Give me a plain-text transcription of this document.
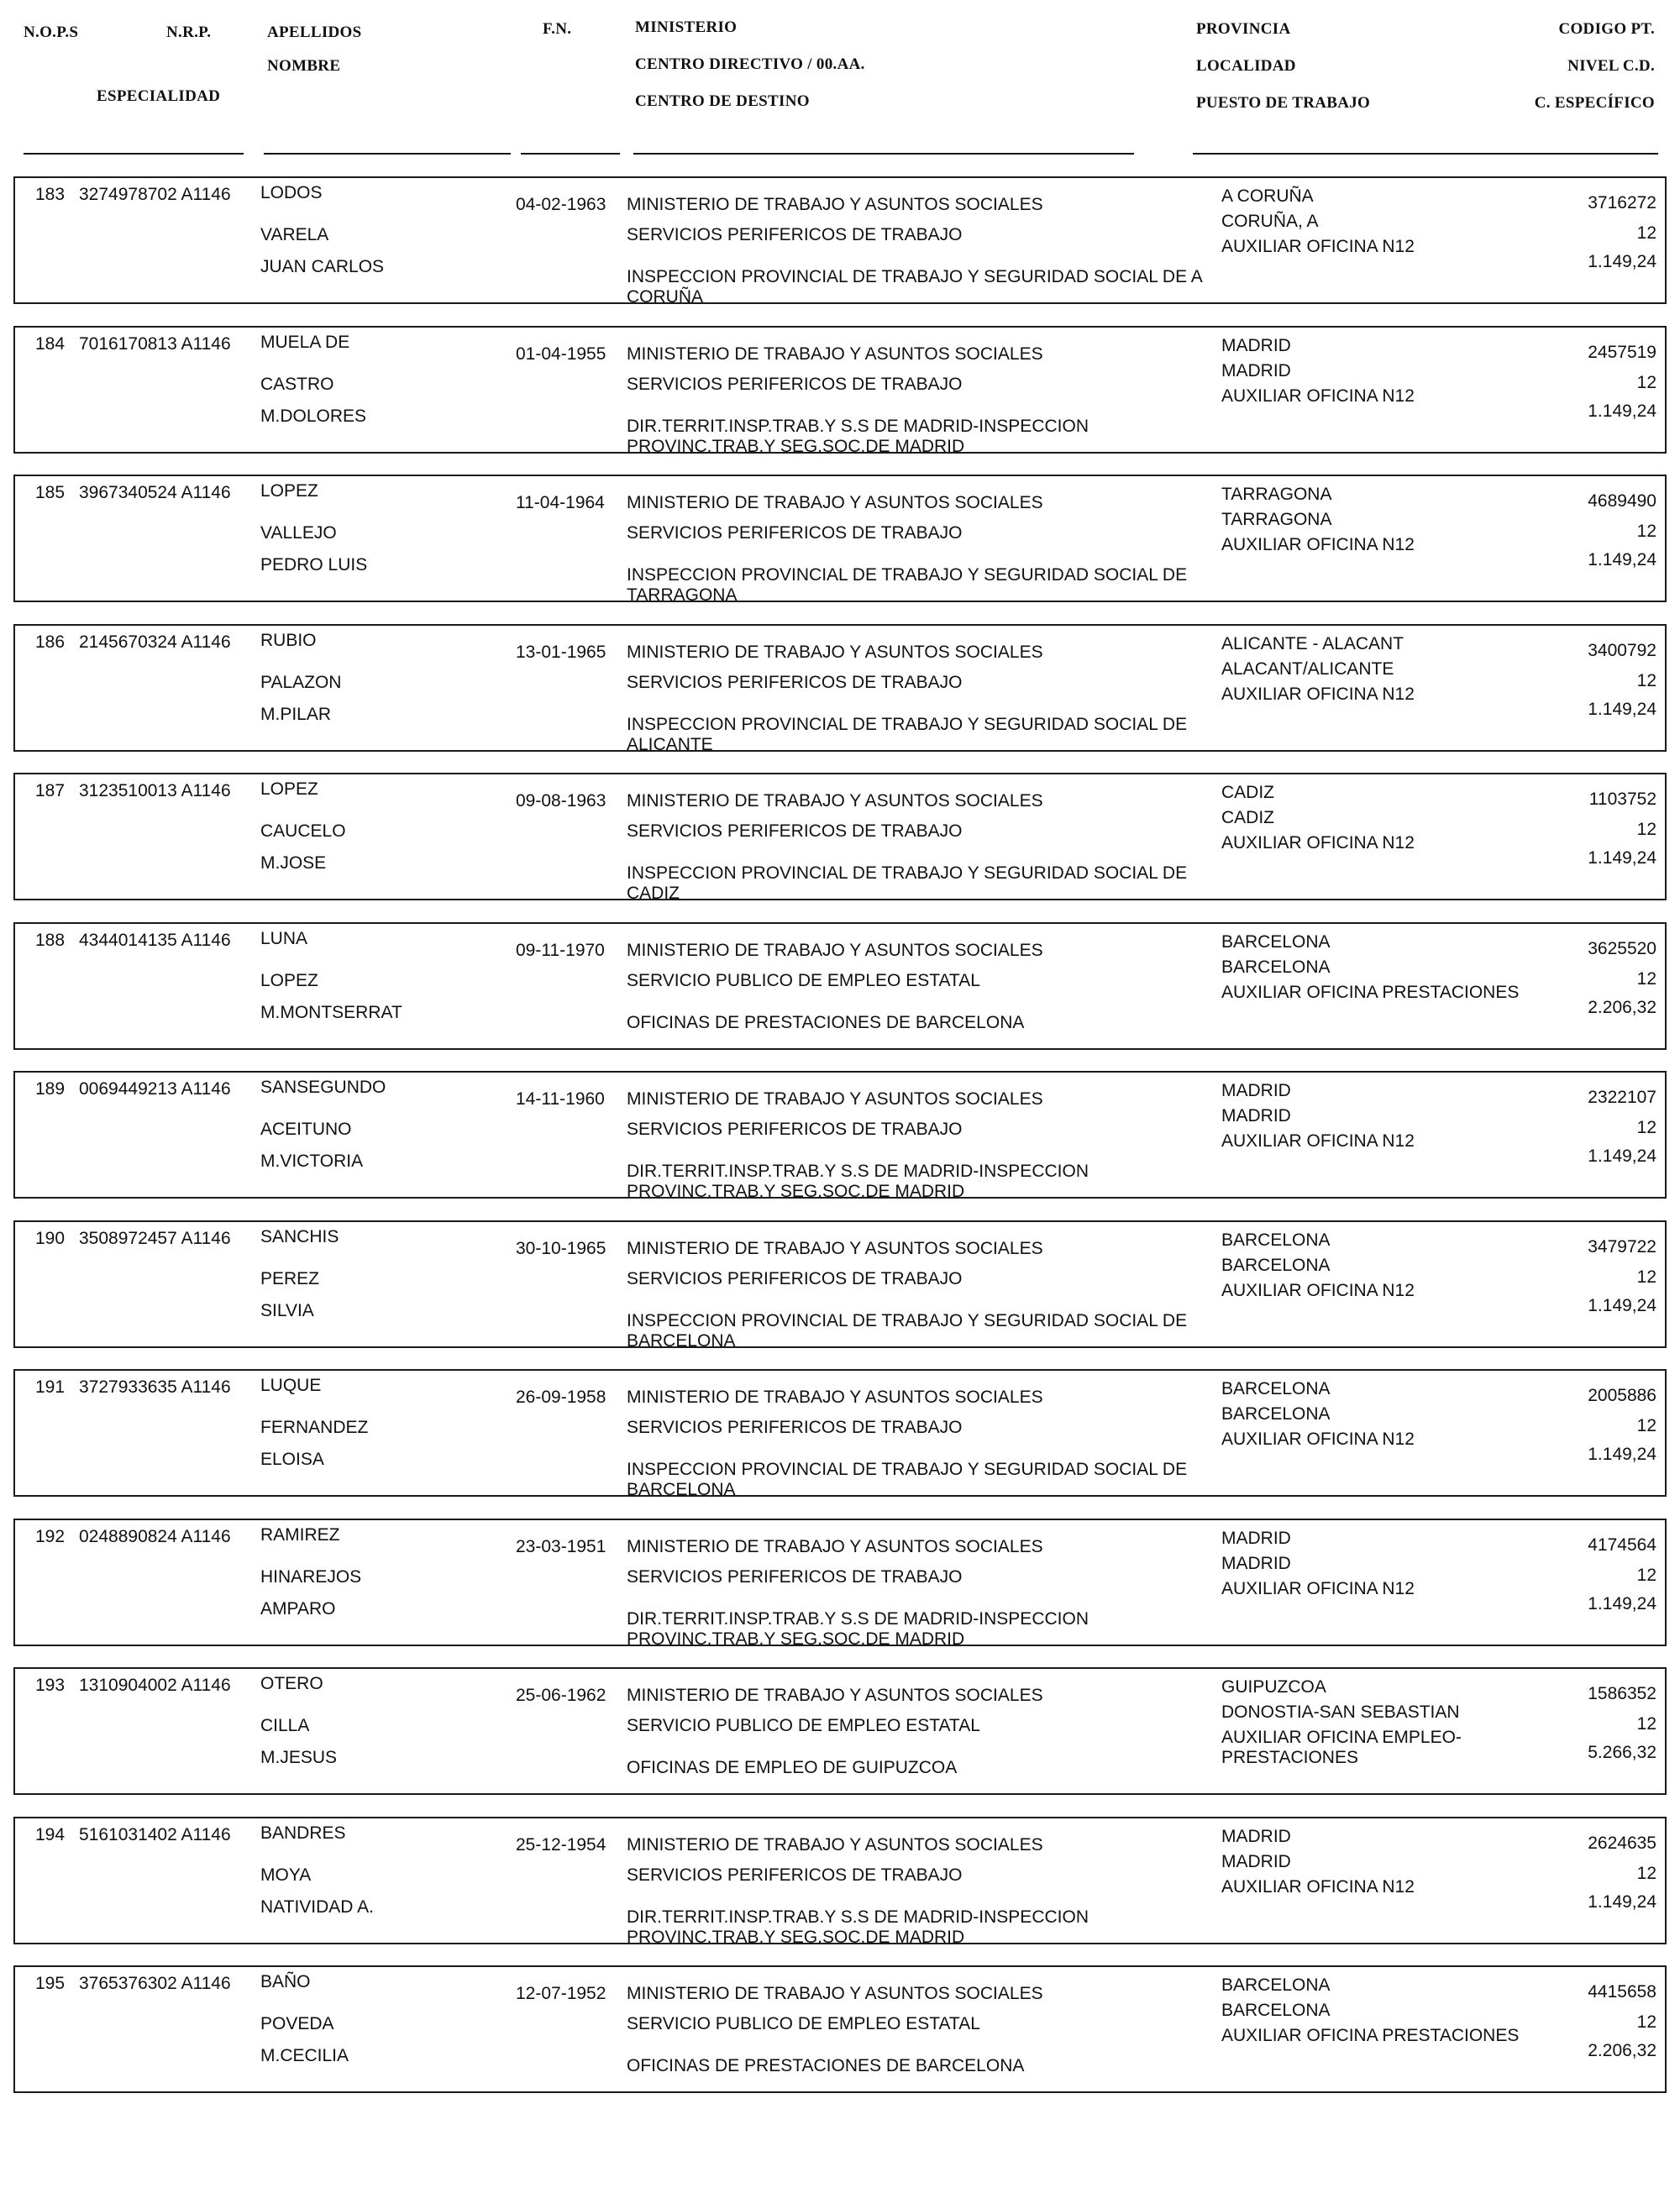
N.O.P.S	N.R.P.
ESPECIALIDAD
APELLIDOS
NOMBRE
F.N.	MINISTERIO
CENTRO DIRECTIVO / 00.AA.
CENTRO DE DESTINO
PROVINCIA
LOCALIDAD
PUESTO DE TRABAJO
CODIGO PT.
NIVEL C.D.
C. ESPECÍFICO
183 3274978702 A1146 LODOS
VARELA
JUAN CARLOS
04-02-1963 MINISTERIO DE TRABAJO Y ASUNTOS SOCIALES
SERVICIOS PERIFERICOS DE TRABAJO
INSPECCION PROVINCIAL DE TRABAJO Y SEGURIDAD SOCIAL DE A CORUÑA
A CORUÑA
CORUÑA, A
AUXILIAR OFICINA N12
3716272
12
1.149,24
184 7016170813 A1146 MUELA DE
CASTRO
M.DOLORES
01-04-1955 MINISTERIO DE TRABAJO Y ASUNTOS SOCIALES
SERVICIOS PERIFERICOS DE TRABAJO
DIR.TERRIT.INSP.TRAB.Y S.S DE MADRID-INSPECCION PROVINC.TRAB.Y SEG.SOC.DE MADRID
MADRID
MADRID
AUXILIAR OFICINA N12
2457519
12
1.149,24
185 3967340524 A1146 LOPEZ
VALLEJO
PEDRO LUIS
11-04-1964 MINISTERIO DE TRABAJO Y ASUNTOS SOCIALES
SERVICIOS PERIFERICOS DE TRABAJO
INSPECCION PROVINCIAL DE TRABAJO Y SEGURIDAD SOCIAL DE TARRAGONA
TARRAGONA
TARRAGONA
AUXILIAR OFICINA N12
4689490
12
1.149,24
186 2145670324 A1146 RUBIO
PALAZON
M.PILAR
13-01-1965 MINISTERIO DE TRABAJO Y ASUNTOS SOCIALES
SERVICIOS PERIFERICOS DE TRABAJO
INSPECCION PROVINCIAL DE TRABAJO Y SEGURIDAD SOCIAL DE ALICANTE
ALICANTE - ALACANT
ALACANT/ALICANTE
AUXILIAR OFICINA N12
3400792
12
1.149,24
187 3123510013 A1146 LOPEZ
CAUCELO
M.JOSE
09-08-1963 MINISTERIO DE TRABAJO Y ASUNTOS SOCIALES
SERVICIOS PERIFERICOS DE TRABAJO
INSPECCION PROVINCIAL DE TRABAJO Y SEGURIDAD SOCIAL DE CADIZ
CADIZ
CADIZ
AUXILIAR OFICINA N12
1103752
12
1.149,24
188 4344014135 A1146 LUNA
LOPEZ
M.MONTSERRAT
09-11-1970 MINISTERIO DE TRABAJO Y ASUNTOS SOCIALES
SERVICIO PUBLICO DE EMPLEO ESTATAL
OFICINAS DE PRESTACIONES DE BARCELONA
BARCELONA
BARCELONA
AUXILIAR OFICINA PRESTACIONES
3625520
12
2.206,32
189 0069449213 A1146 SANSEGUNDO
ACEITUNO
M.VICTORIA
14-11-1960 MINISTERIO DE TRABAJO Y ASUNTOS SOCIALES
SERVICIOS PERIFERICOS DE TRABAJO
DIR.TERRIT.INSP.TRAB.Y S.S DE MADRID-INSPECCION PROVINC.TRAB.Y SEG.SOC.DE MADRID
MADRID
MADRID
AUXILIAR OFICINA N12
2322107
12
1.149,24
190 3508972457 A1146 SANCHIS
PEREZ
SILVIA
30-10-1965 MINISTERIO DE TRABAJO Y ASUNTOS SOCIALES
SERVICIOS PERIFERICOS DE TRABAJO
INSPECCION PROVINCIAL DE TRABAJO Y SEGURIDAD SOCIAL DE BARCELONA
BARCELONA
BARCELONA
AUXILIAR OFICINA N12
3479722
12
1.149,24
191 3727933635 A1146 LUQUE
FERNANDEZ
ELOISA
26-09-1958 MINISTERIO DE TRABAJO Y ASUNTOS SOCIALES
SERVICIOS PERIFERICOS DE TRABAJO
INSPECCION PROVINCIAL DE TRABAJO Y SEGURIDAD SOCIAL DE BARCELONA
BARCELONA
BARCELONA
AUXILIAR OFICINA N12
2005886
12
1.149,24
192 0248890824 A1146 RAMIREZ
HINAREJOS
AMPARO
23-03-1951 MINISTERIO DE TRABAJO Y ASUNTOS SOCIALES
SERVICIOS PERIFERICOS DE TRABAJO
DIR.TERRIT.INSP.TRAB.Y S.S DE MADRID-INSPECCION PROVINC.TRAB.Y SEG.SOC.DE MADRID
MADRID
MADRID
AUXILIAR OFICINA N12
4174564
12
1.149,24
193 1310904002 A1146 OTERO
CILLA
M.JESUS
25-06-1962 MINISTERIO DE TRABAJO Y ASUNTOS SOCIALES
SERVICIO PUBLICO DE EMPLEO ESTATAL
OFICINAS DE EMPLEO DE GUIPUZCOA
GUIPUZCOA
DONOSTIA-SAN SEBASTIAN
AUXILIAR OFICINA EMPLEO-PRESTACIONES
1586352
12
5.266,32
194 5161031402 A1146 BANDRES
MOYA
NATIVIDAD A.
25-12-1954 MINISTERIO DE TRABAJO Y ASUNTOS SOCIALES
SERVICIOS PERIFERICOS DE TRABAJO
DIR.TERRIT.INSP.TRAB.Y S.S DE MADRID-INSPECCION PROVINC.TRAB.Y SEG.SOC.DE MADRID
MADRID
MADRID
AUXILIAR OFICINA N12
2624635
12
1.149,24
195 3765376302 A1146 BAÑO
POVEDA
M.CECILIA
12-07-1952 MINISTERIO DE TRABAJO Y ASUNTOS SOCIALES
SERVICIO PUBLICO DE EMPLEO ESTATAL
OFICINAS DE PRESTACIONES DE BARCELONA
BARCELONA
BARCELONA
AUXILIAR OFICINA PRESTACIONES
4415658
12
2.206,32
